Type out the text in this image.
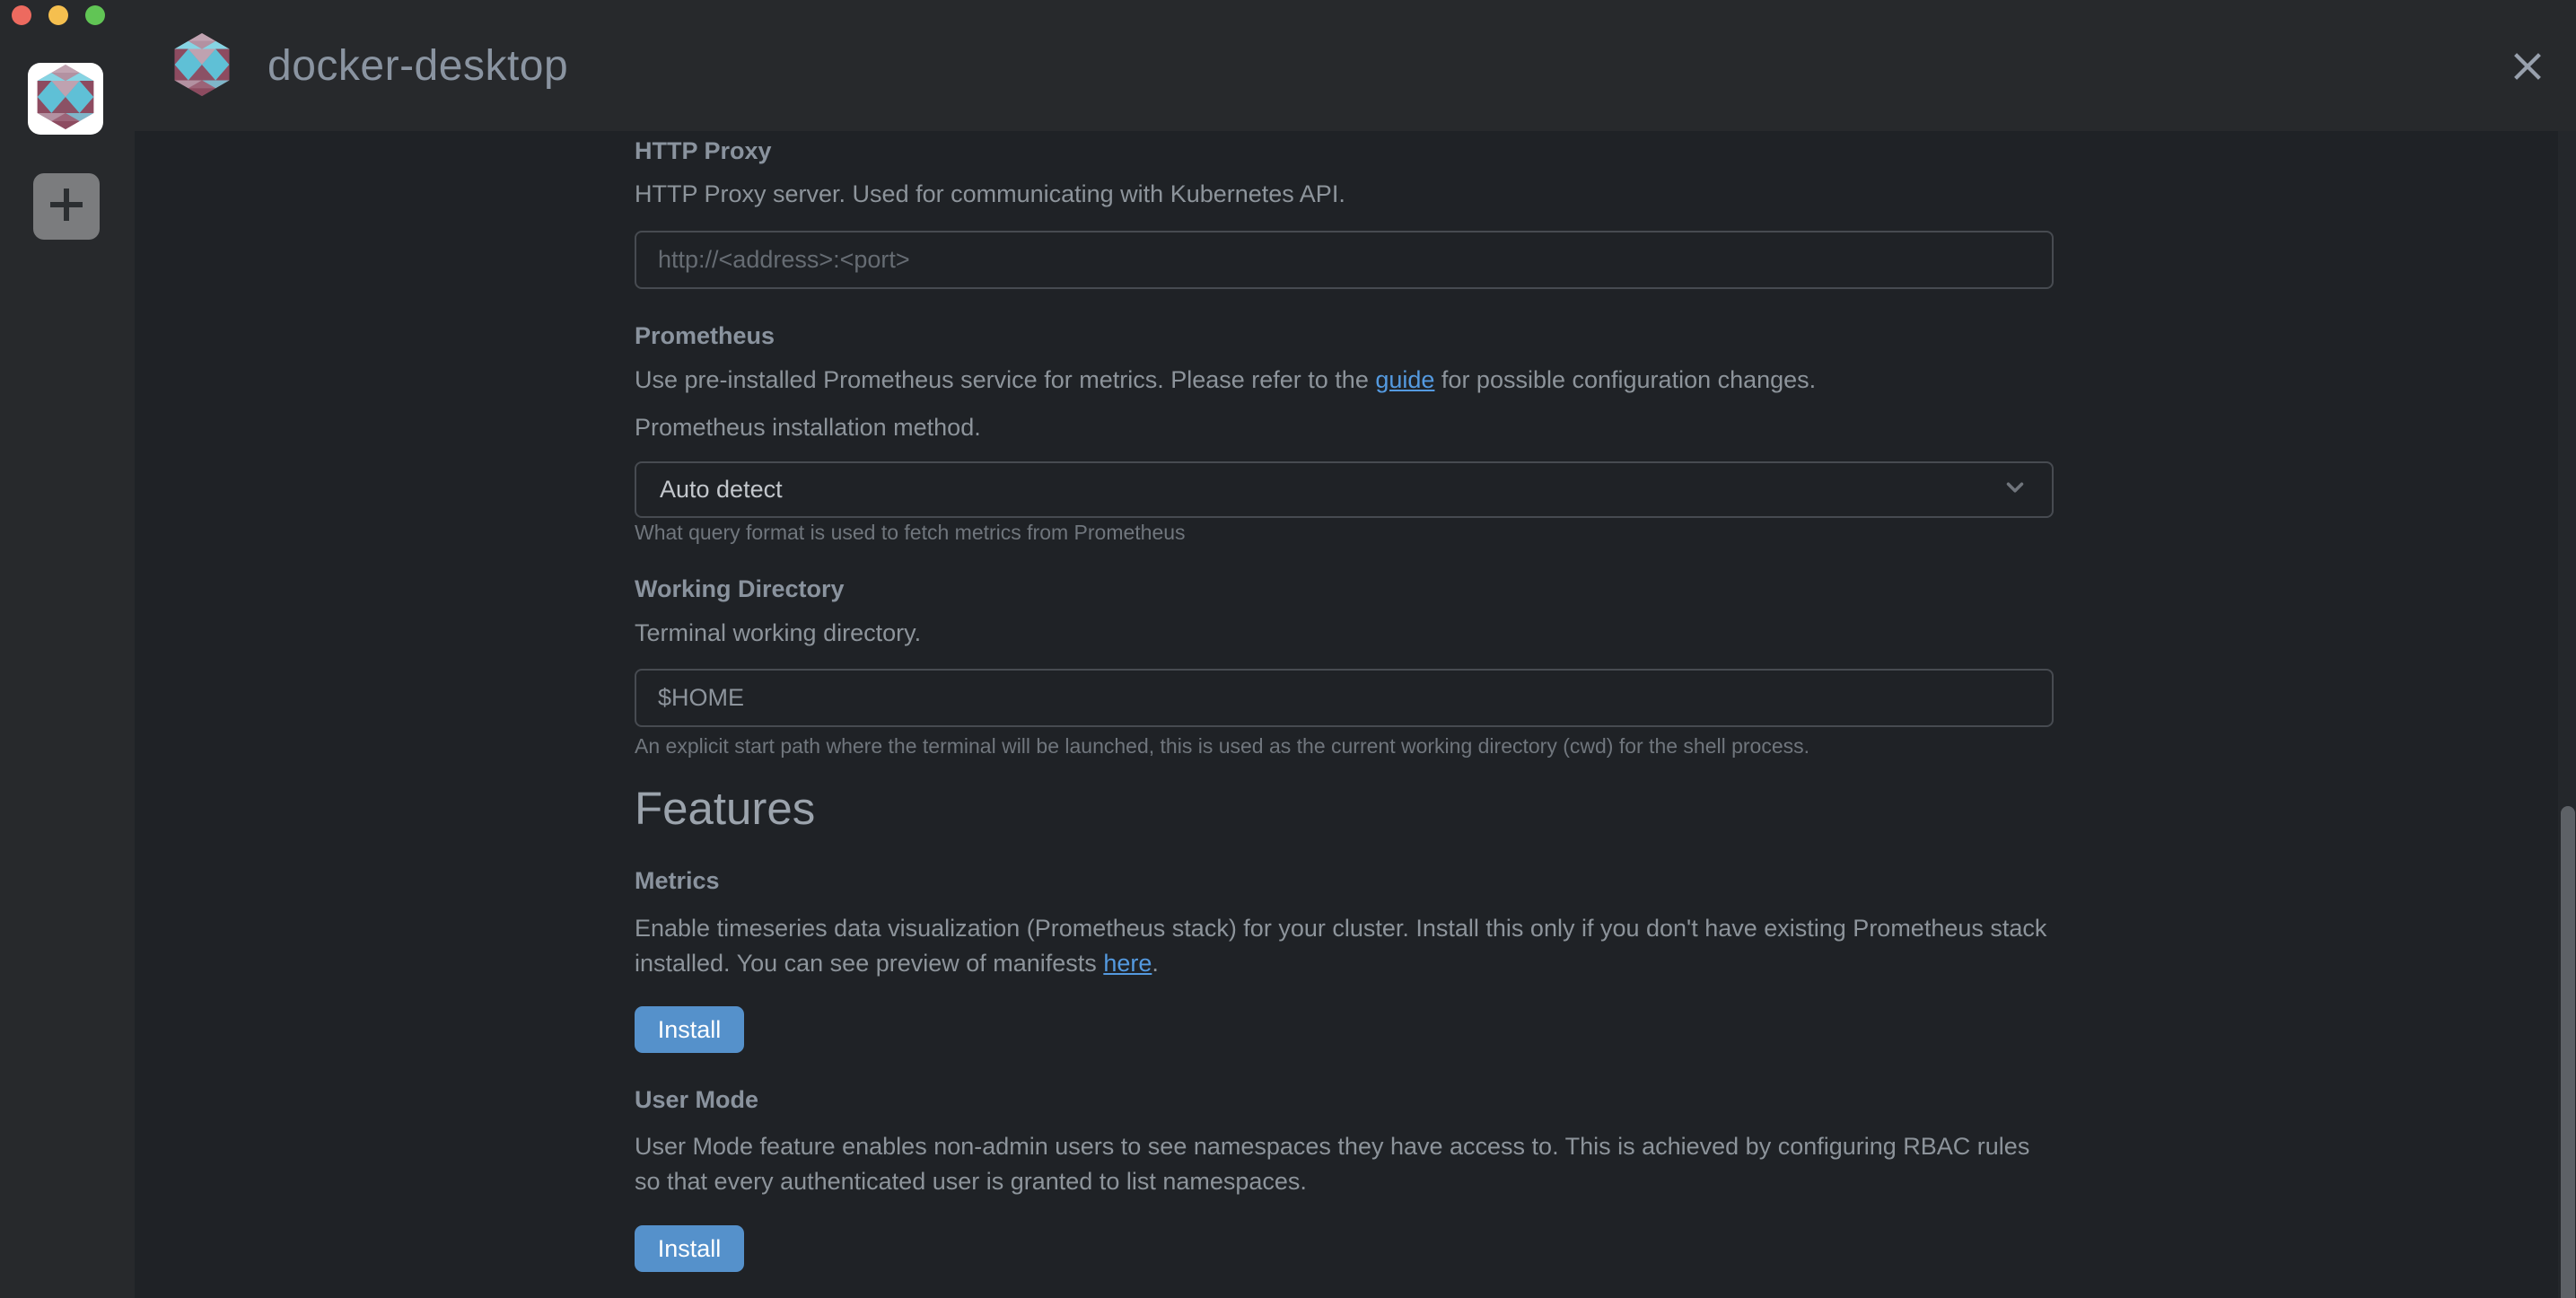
docker-desktop
HTTP Proxy
HTTP Proxy server. Used for communicating with Kubernetes API.
http://<address>:<port>
Prometheus
Use pre-installed Prometheus service for metrics. Please refer to the guide for possible configuration changes.
Prometheus installation method.
Auto detect
What query format is used to fetch metrics from Prometheus
Working Directory
Terminal working directory.
$HOME
An explicit start path where the terminal will be launched, this is used as the current working directory (cwd) for the shell process.
Features
Metrics
Enable timeseries data visualization (Prometheus stack) for your cluster. Install this only if you don't have existing Prometheus stack installed. You can see preview of manifests here.
Install
User Mode
User Mode feature enables non-admin users to see namespaces they have access to. This is achieved by configuring RBAC rules so that every authenticated user is granted to list namespaces.
Install
